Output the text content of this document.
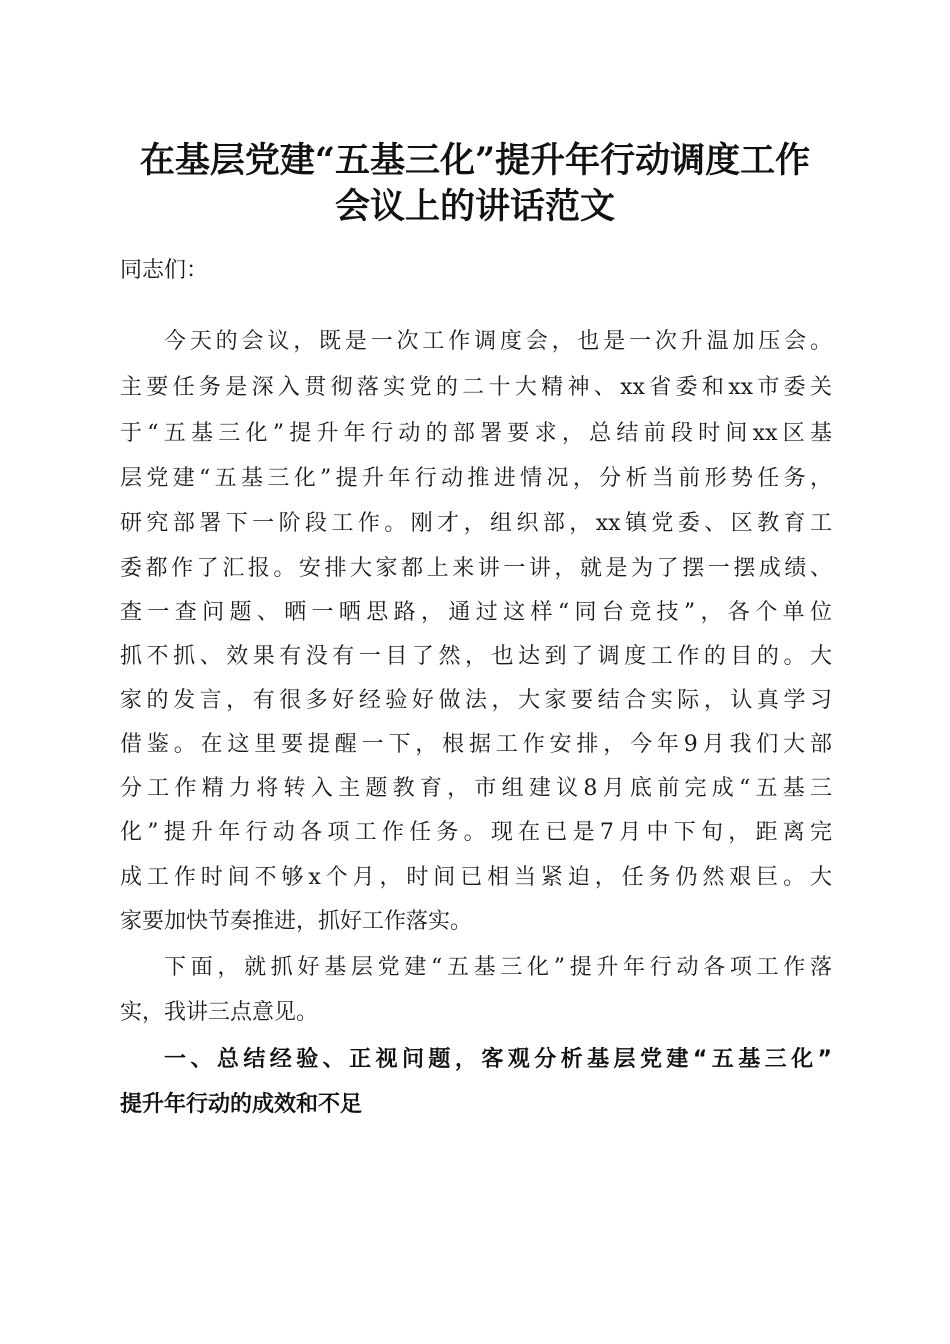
在基层党建“五基三化”提升年行动调度工作
会议上的讲话范文
同志们：
今天的会议，既是一次工作调度会，也是一次升温加压会。
主要任务是深入贯彻落实党的二十大精神、xx省委和xx市委关
于“五基三化”提升年行动的部署要求，总结前段时间xx区基
层党建“五基三化”提升年行动推进情况，分析当前形势任务，
研究部署下一阶段工作。刚才，组织部，xx镇党委、区教育工
委都作了汇报。安排大家都上来讲一讲，就是为了摆一摆成绩、
查一查问题、晒一晒思路，通过这样“同台竞技”，各个单位
抓不抓、效果有没有一目了然，也达到了调度工作的目的。大
家的发言，有很多好经验好做法，大家要结合实际，认真学习
借鉴。在这里要提醒一下，根据工作安排，今年9月我们大部
分工作精力将转入主题教育，市组建议8月底前完成“五基三
化”提升年行动各项工作任务。现在已是7月中下旬，距离完
成工作时间不够x个月，时间已相当紧迫，任务仍然艰巨。大
家要加快节奏推进，抓好工作落实。
下面，就抓好基层党建“五基三化”提升年行动各项工作落
实，我讲三点意见。
一、总结经验、正视问题，客观分析基层党建“五基三化”
提升年行动的成效和不足
